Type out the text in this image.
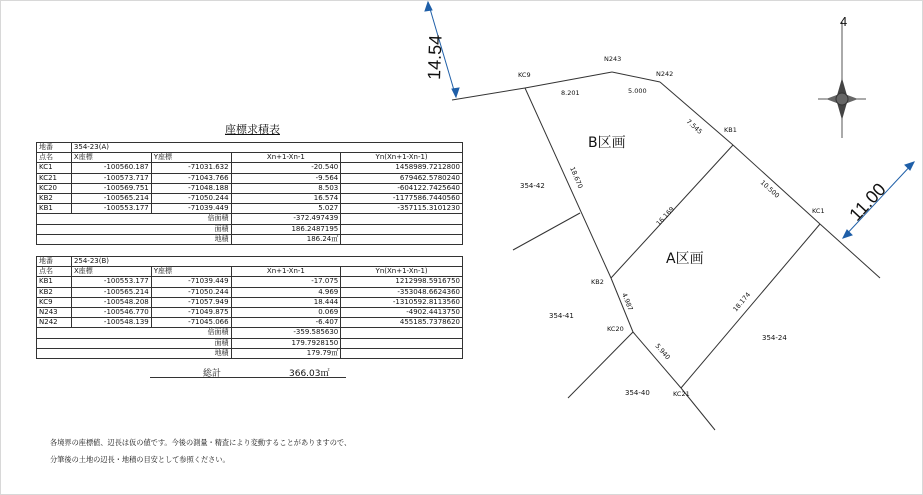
座標求積表
地番	354-23(A)			
点名	X座標	Y座標	Xn+1-Xn-1	Yn(Xn+1-Xn-1)
KC1	-100560.187	-71031.632	-20.540	1458989.7212800
KC21	-100573.717	-71043.766	-9.564	679462.5780240
KC20	-100569.751	-71048.188	8.503	-604122.7425640
KB2	-100565.214	-71050.244	16.574	-1177586.7440560
KB1	-100553.177	-71039.449	5.027	-357115.3101230
倍面積			-372.497439	
面積			186.2487195	
地積			186.24㎡	
地番	254-23(B)			
点名	X座標	Y座標	Xn+1-Xn-1	Yn(Xn+1-Xn-1)
KB1	-100553.177	-71039.449	-17.075	1212998.5916750
KB2	-100565.214	-71050.244	4.969	-353048.6624360
KC9	-100548.208	-71057.949	18.444	-1310592.8113560
N243	-100546.770	-71049.875	0.069	-4902.4413750
N242	-100548.139	-71045.066	-6.407	455185.7378620
倍面積			-359.585630	
面積			179.7928150	
地積			179.79㎡	
総計	366.03㎡
各境界の座標値、辺長は仮の値です。今後の測量・精査により変動することがありますので、
分筆後の土地の辺長・地積の目安として参照ください。
4
KC9
N243
N242
KB1
KC1
KB2
KC20
KC21
8.201	5.000
7.545
10.500
18.670
16.169
4.987	18.174
5.940
B区画
A区画
354-42
354-41
354-40
354-24
14.54
11.00
